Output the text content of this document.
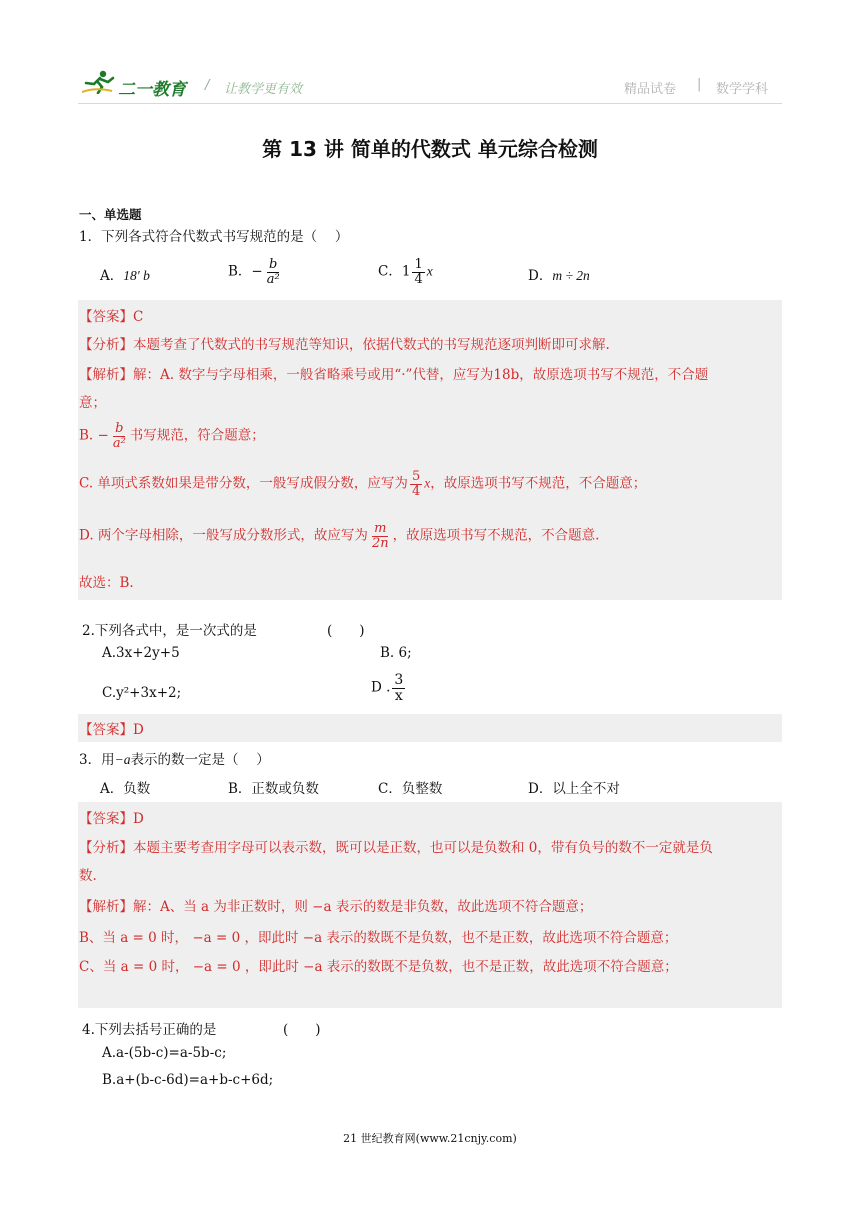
二一教育 / 让教学更有效	精品试卷 | 数学学科
第 13 讲 简单的代数式 单元综合检测
一、单选题
1．下列各式符合代数式书写规范的是（　 ）
A．18′ b	B．− $\frac{b}{\text{a²}}$	C．$1 \frac{1}{4}$ x	D．m ÷ 2n
【答案】C
【分析】本题考查了代数式的书写规范等知识，依据代数式的书写规范逐项判断即可求解.
【解析】解：A. 数字与字母相乘，一般省略乘号或用“·”代替，应写为18b，故原选项书写不规范，不合题
意；
B. − $\frac{b}{\text{a²}}$ 书写规范，符合题意；
C. 单项式系数如果是带分数，一般写成假分数，应写为 $\frac{5}{4}$ x，故原选项书写不规范，不合题意；
D. 两个字母相除，一般写成分数形式，故应写为 $\frac{m}{2n}$ ，故原选项书写不规范，不合题意.
故选：B.
2.下列各式中，是一次式的是	(　　)
A.3x+2y+5	B. 6;
C.y²+3x+2;	D . $\frac{3}{x}$
【答案】D
3．用−a表示的数一定是（　 ）
A．负数	B．正数或负数	C．负整数	D．以上全不对
【答案】D
【分析】本题主要考查用字母可以表示数，既可以是正数，也可以是负数和 0，带有负号的数不一定就是负
数.
【解析】解：A、当 a 为非正数时，则 −a 表示的数是非负数，故此选项不符合题意；
B、当 a = 0 时， −a = 0 ，即此时 −a 表示的数既不是负数，也不是正数，故此选项不符合题意；
C、当 a = 0 时， −a = 0 ，即此时 −a 表示的数既不是负数，也不是正数，故此选项不符合题意；
4.下列去括号正确的是	(　　)
A.a-(5b-c)=a-5b-c;
B.a+(b-c-6d)=a+b-c+6d;
21 世纪教育网(www.21cnjy.com)
